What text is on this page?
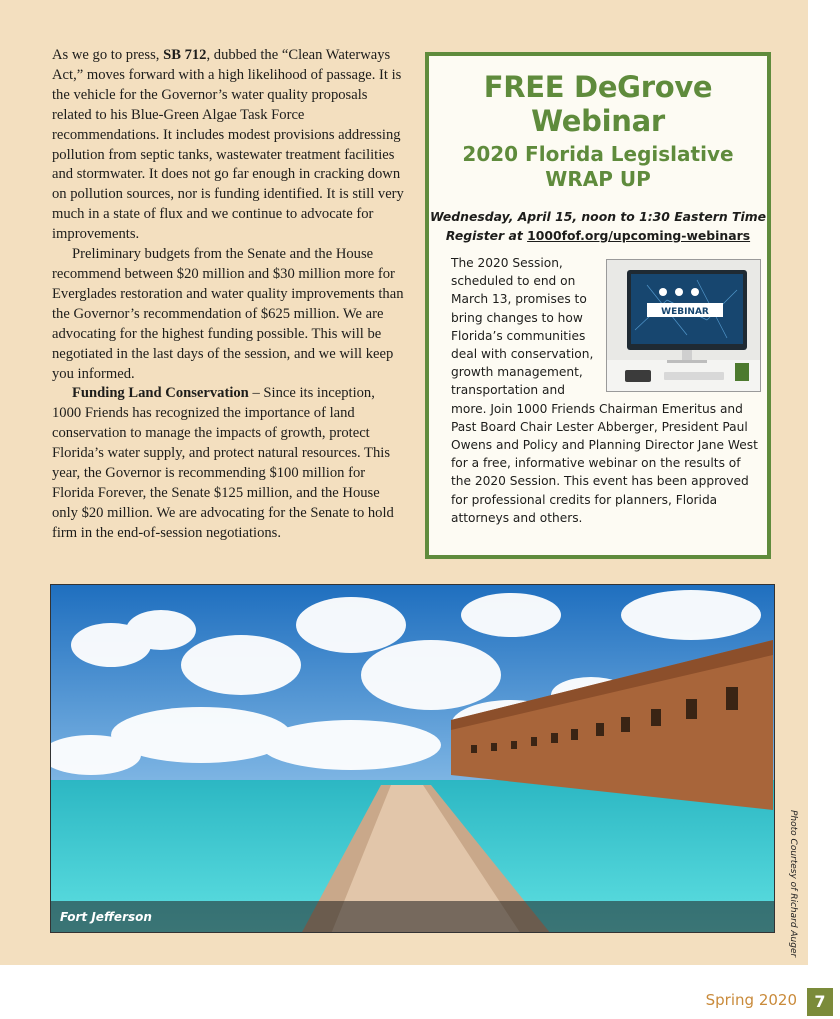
As we go to press, SB 712, dubbed the “Clean Waterways Act,” moves forward with a high likelihood of passage. It is the vehicle for the Governor’s water quality proposals related to his Blue-Green Algae Task Force recommendations. It includes modest provisions addressing pollution from septic tanks, wastewater treatment facilities and stormwater. It does not go far enough in cracking down on pollution sources, nor is funding identified. It is still very much in a state of flux and we continue to advocate for improvements.

Preliminary budgets from the Senate and the House recommend between $20 million and $30 million more for Everglades restoration and water quality improvements than the Governor’s recommendation of $625 million. We are advocating for the highest funding possible. This will be negotiated in the last days of the session, and we will keep you informed.

Funding Land Conservation – Since its inception, 1000 Friends has recognized the importance of land conservation to manage the impacts of growth, protect Florida’s water supply, and protect natural resources. This year, the Governor is recommending $100 million for Florida Forever, the Senate $125 million, and the House only $20 million. We are advocating for the Senate to hold firm in the end-of-session negotiations.

FREE DeGrove
Webinar
2020 Florida Legislative
WRAP UP
Wednesday, April 15, noon to 1:30 Eastern Time
Register at 1000fof.org/upcoming-webinars
WEBINAR
The 2020 Session, scheduled to end on March 13, promises to bring changes to how Florida’s communities deal with conservation, growth management, transportation and more. Join 1000 Friends Chairman Emeritus and Past Board Chair Lester Abberger, President Paul Owens and Policy and Planning Director Jane West for a free, informative webinar on the results of the 2020 Session. This event has been approved for professional credits for planners, Florida attorneys and others.
Fort Jefferson	Photo Courtesy of Richard Auger
Spring 2020	7
